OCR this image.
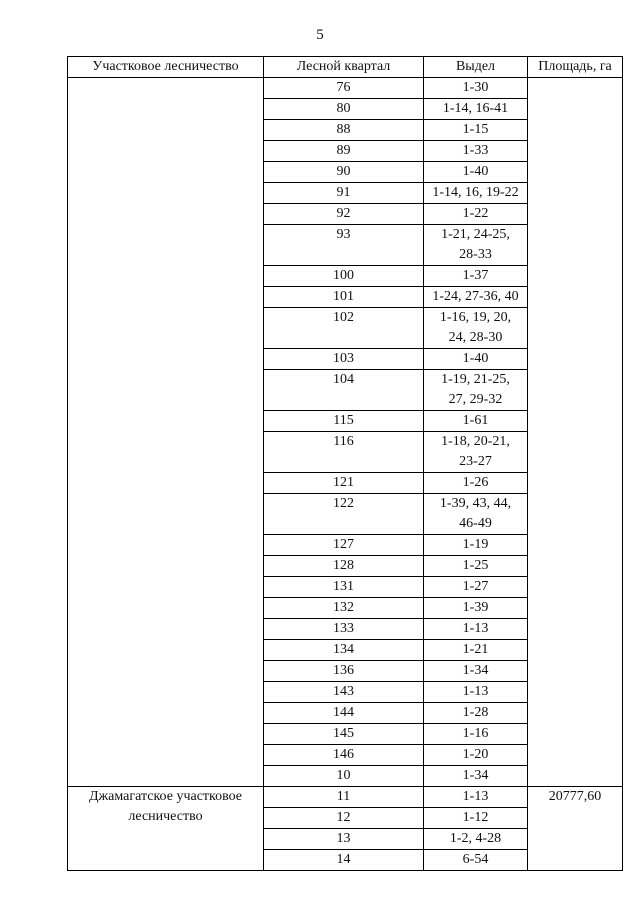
5
Участковое лесничество	Лесной квартал	Выдел	Площадь, га
	76	1-30	

	80	1-14, 16-41	

	88	1-15	

	89	1-33	

	90	1-40	

	91	1-14, 16, 19-22	

	92	1-22	

	93	1-21, 24-25,
28-33	

	100	1-37	

	101	1-24, 27-36, 40	

	102	1-16, 19, 20,
24, 28-30	

	103	1-40	

	104	1-19, 21-25,
27, 29-32	

	115	1-61	

	116	1-18, 20-21,
23-27	

	121	1-26	

	122	1-39, 43, 44,
46-49	

	127	1-19	

	128	1-25	

	131	1-27	

	132	1-39	

	133	1-13	

	134	1-21	

	136	1-34	

	143	1-13	

	144	1-28	

	145	1-16	

	146	1-20	

	10	1-34	

Джамагатское участковое лесничество	11	1-13	20777,60
	12	1-12	

	13	1-2, 4-28	

	14	6-54	
